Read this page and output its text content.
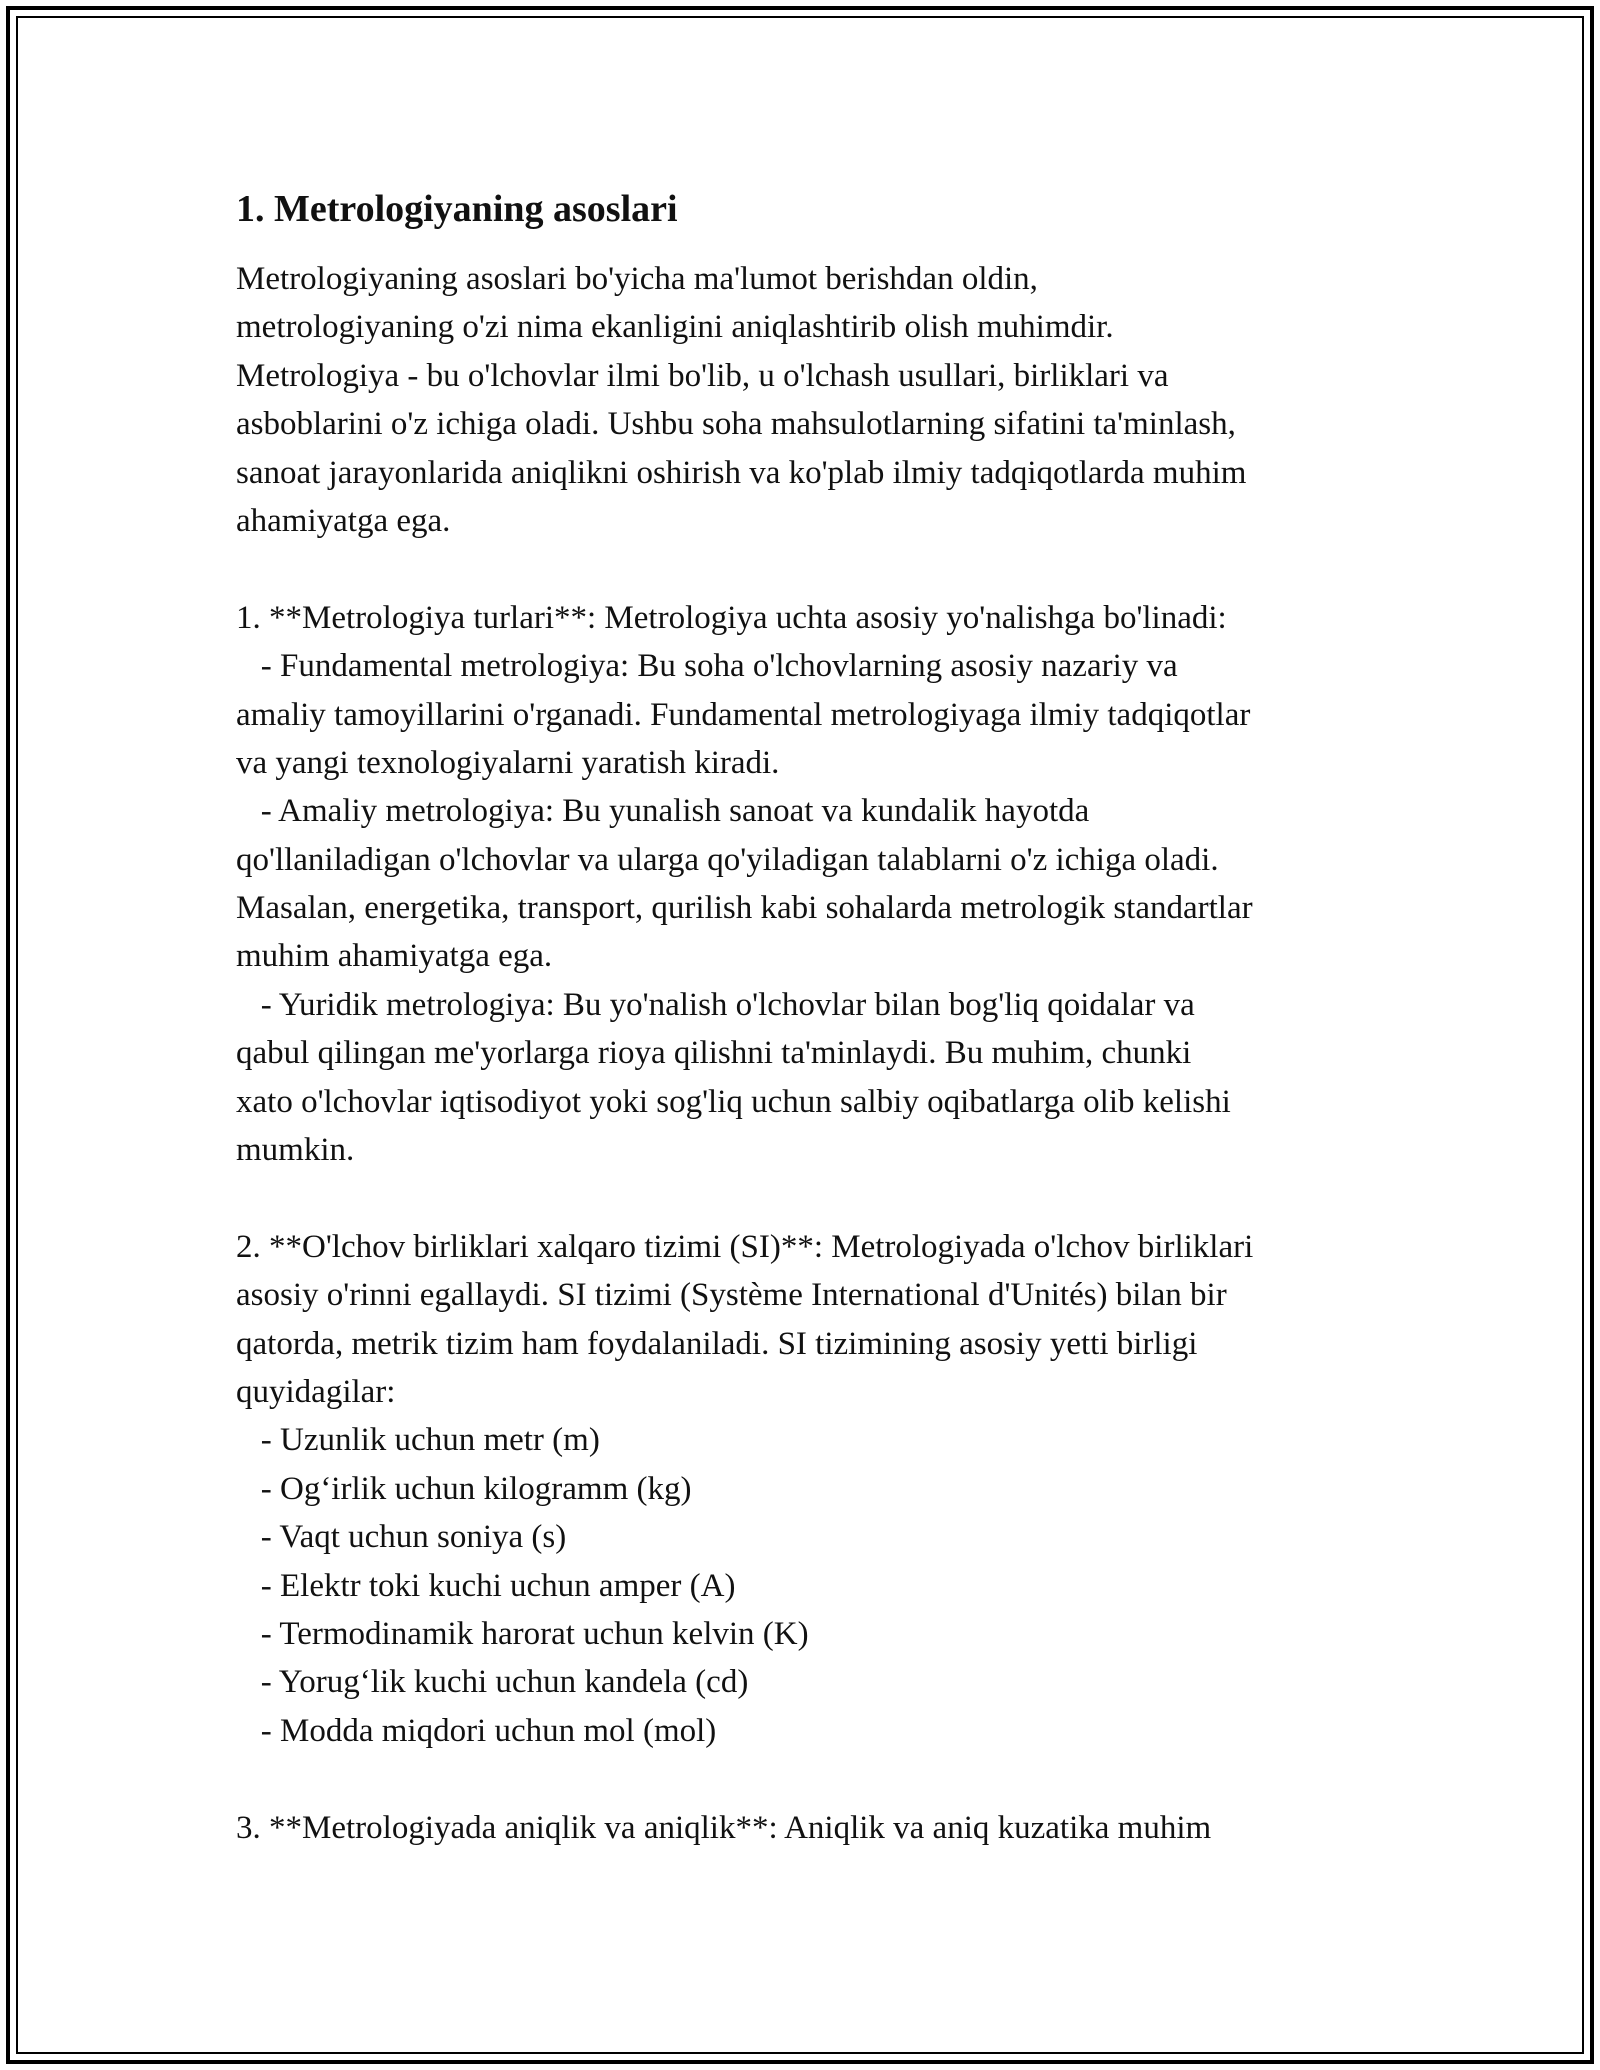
1. Metrologiyaning asoslari
Metrologiyaning asoslari bo'yicha ma'lumot berishdan oldin,
metrologiyaning o'zi nima ekanligini aniqlashtirib olish muhimdir.
Metrologiya - bu o'lchovlar ilmi bo'lib, u o'lchash usullari, birliklari va
asboblarini o'z ichiga oladi. Ushbu soha mahsulotlarning sifatini ta'minlash,
sanoat jarayonlarida aniqlikni oshirish va ko'plab ilmiy tadqiqotlarda muhim
ahamiyatga ega.
1. **Metrologiya turlari**: Metrologiya uchta asosiy yo'nalishga bo'linadi:
- Fundamental metrologiya: Bu soha o'lchovlarning asosiy nazariy va
amaliy tamoyillarini o'rganadi. Fundamental metrologiyaga ilmiy tadqiqotlar
va yangi texnologiyalarni yaratish kiradi.
- Amaliy metrologiya: Bu yunalish sanoat va kundalik hayotda
qo'llaniladigan o'lchovlar va ularga qo'yiladigan talablarni o'z ichiga oladi.
Masalan, energetika, transport, qurilish kabi sohalarda metrologik standartlar
muhim ahamiyatga ega.
- Yuridik metrologiya: Bu yo'nalish o'lchovlar bilan bog'liq qoidalar va
qabul qilingan me'yorlarga rioya qilishni ta'minlaydi. Bu muhim, chunki
xato o'lchovlar iqtisodiyot yoki sog'liq uchun salbiy oqibatlarga olib kelishi
mumkin.
2. **O'lchov birliklari xalqaro tizimi (SI)**: Metrologiyada o'lchov birliklari
asosiy o'rinni egallaydi. SI tizimi (Système International d'Unités) bilan bir
qatorda, metrik tizim ham foydalaniladi. SI tizimining asosiy yetti birligi
quyidagilar:
- Uzunlik uchun metr (m)
- Ogʻirlik uchun kilogramm (kg)
- Vaqt uchun soniya (s)
- Elektr toki kuchi uchun amper (A)
- Termodinamik harorat uchun kelvin (K)
- Yorugʻlik kuchi uchun kandela (cd)
- Modda miqdori uchun mol (mol)
3. **Metrologiyada aniqlik va aniqlik**: Aniqlik va aniq kuzatika muhim
